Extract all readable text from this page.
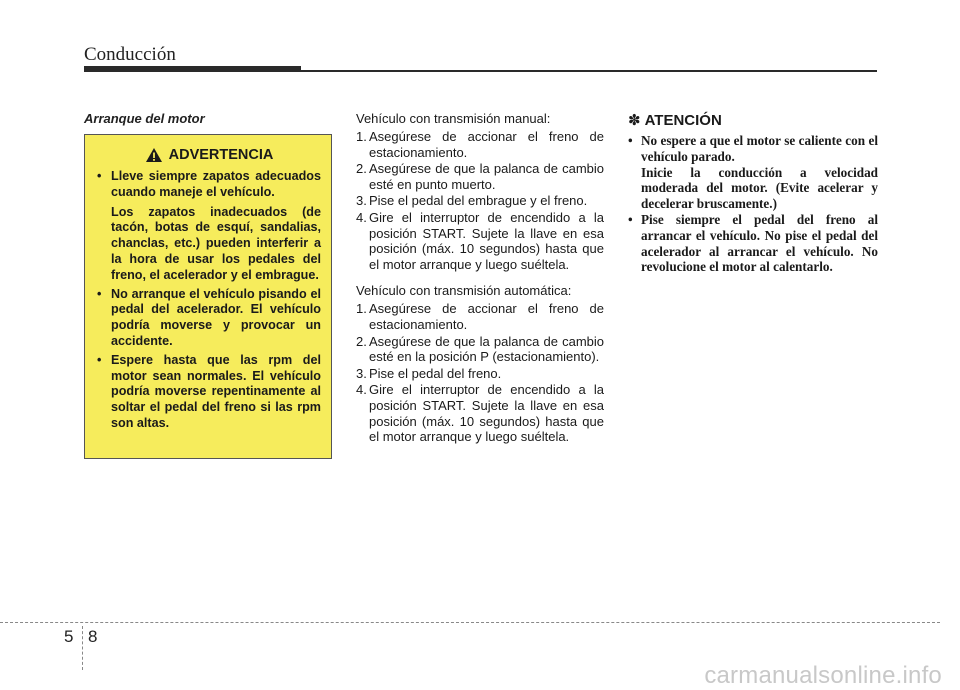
Conducción
Arranque del motor
ADVERTENCIA
• Lleve siempre zapatos adecuados cuando maneje el vehículo.
Los zapatos inadecuados (de tacón, botas de esquí, sandalias, chanclas, etc.) pueden interferir a la hora de usar los pedales del freno, el acelerador y el embrague.
• No arranque el vehículo pisando el pedal del acelerador. El vehículo podría moverse y provocar un accidente.
• Espere hasta que las rpm del motor sean normales. El vehículo podría moverse repentinamente al soltar el pedal del freno si las rpm son altas.

Vehículo con transmisión manual:

1. Asegúrese de accionar el freno de estacionamiento.
2. Asegúrese de que la palanca de cambio esté en punto muerto.
3. Pise el pedal del embrague y el freno.
4. Gire el interruptor de encendido a la posición START. Sujete la llave en esa posición (máx. 10 segundos) hasta que el motor arranque y luego suéltela.

Vehículo con transmisión automática:

1. Asegúrese de accionar el freno de estacionamiento.
2. Asegúrese de que la palanca de cambio esté en la posición P (estacionamiento).
3. Pise el pedal del freno.
4. Gire el interruptor de encendido a la posición START. Sujete la llave en esa posición (máx. 10 segundos) hasta que el motor arranque y luego suéltela.
✽ ATENCIÓN
• No espere a que el motor se caliente con el vehículo parado.
Inicie la conducción a velocidad moderada del motor. (Evite acelerar y decelerar bruscamente.)
• Pise siempre el pedal del freno al arrancar el vehículo. No pise el pedal del acelerador al arrancar el vehículo. No revolucione el motor al calentarlo.
5 8
carmanualsonline.info
